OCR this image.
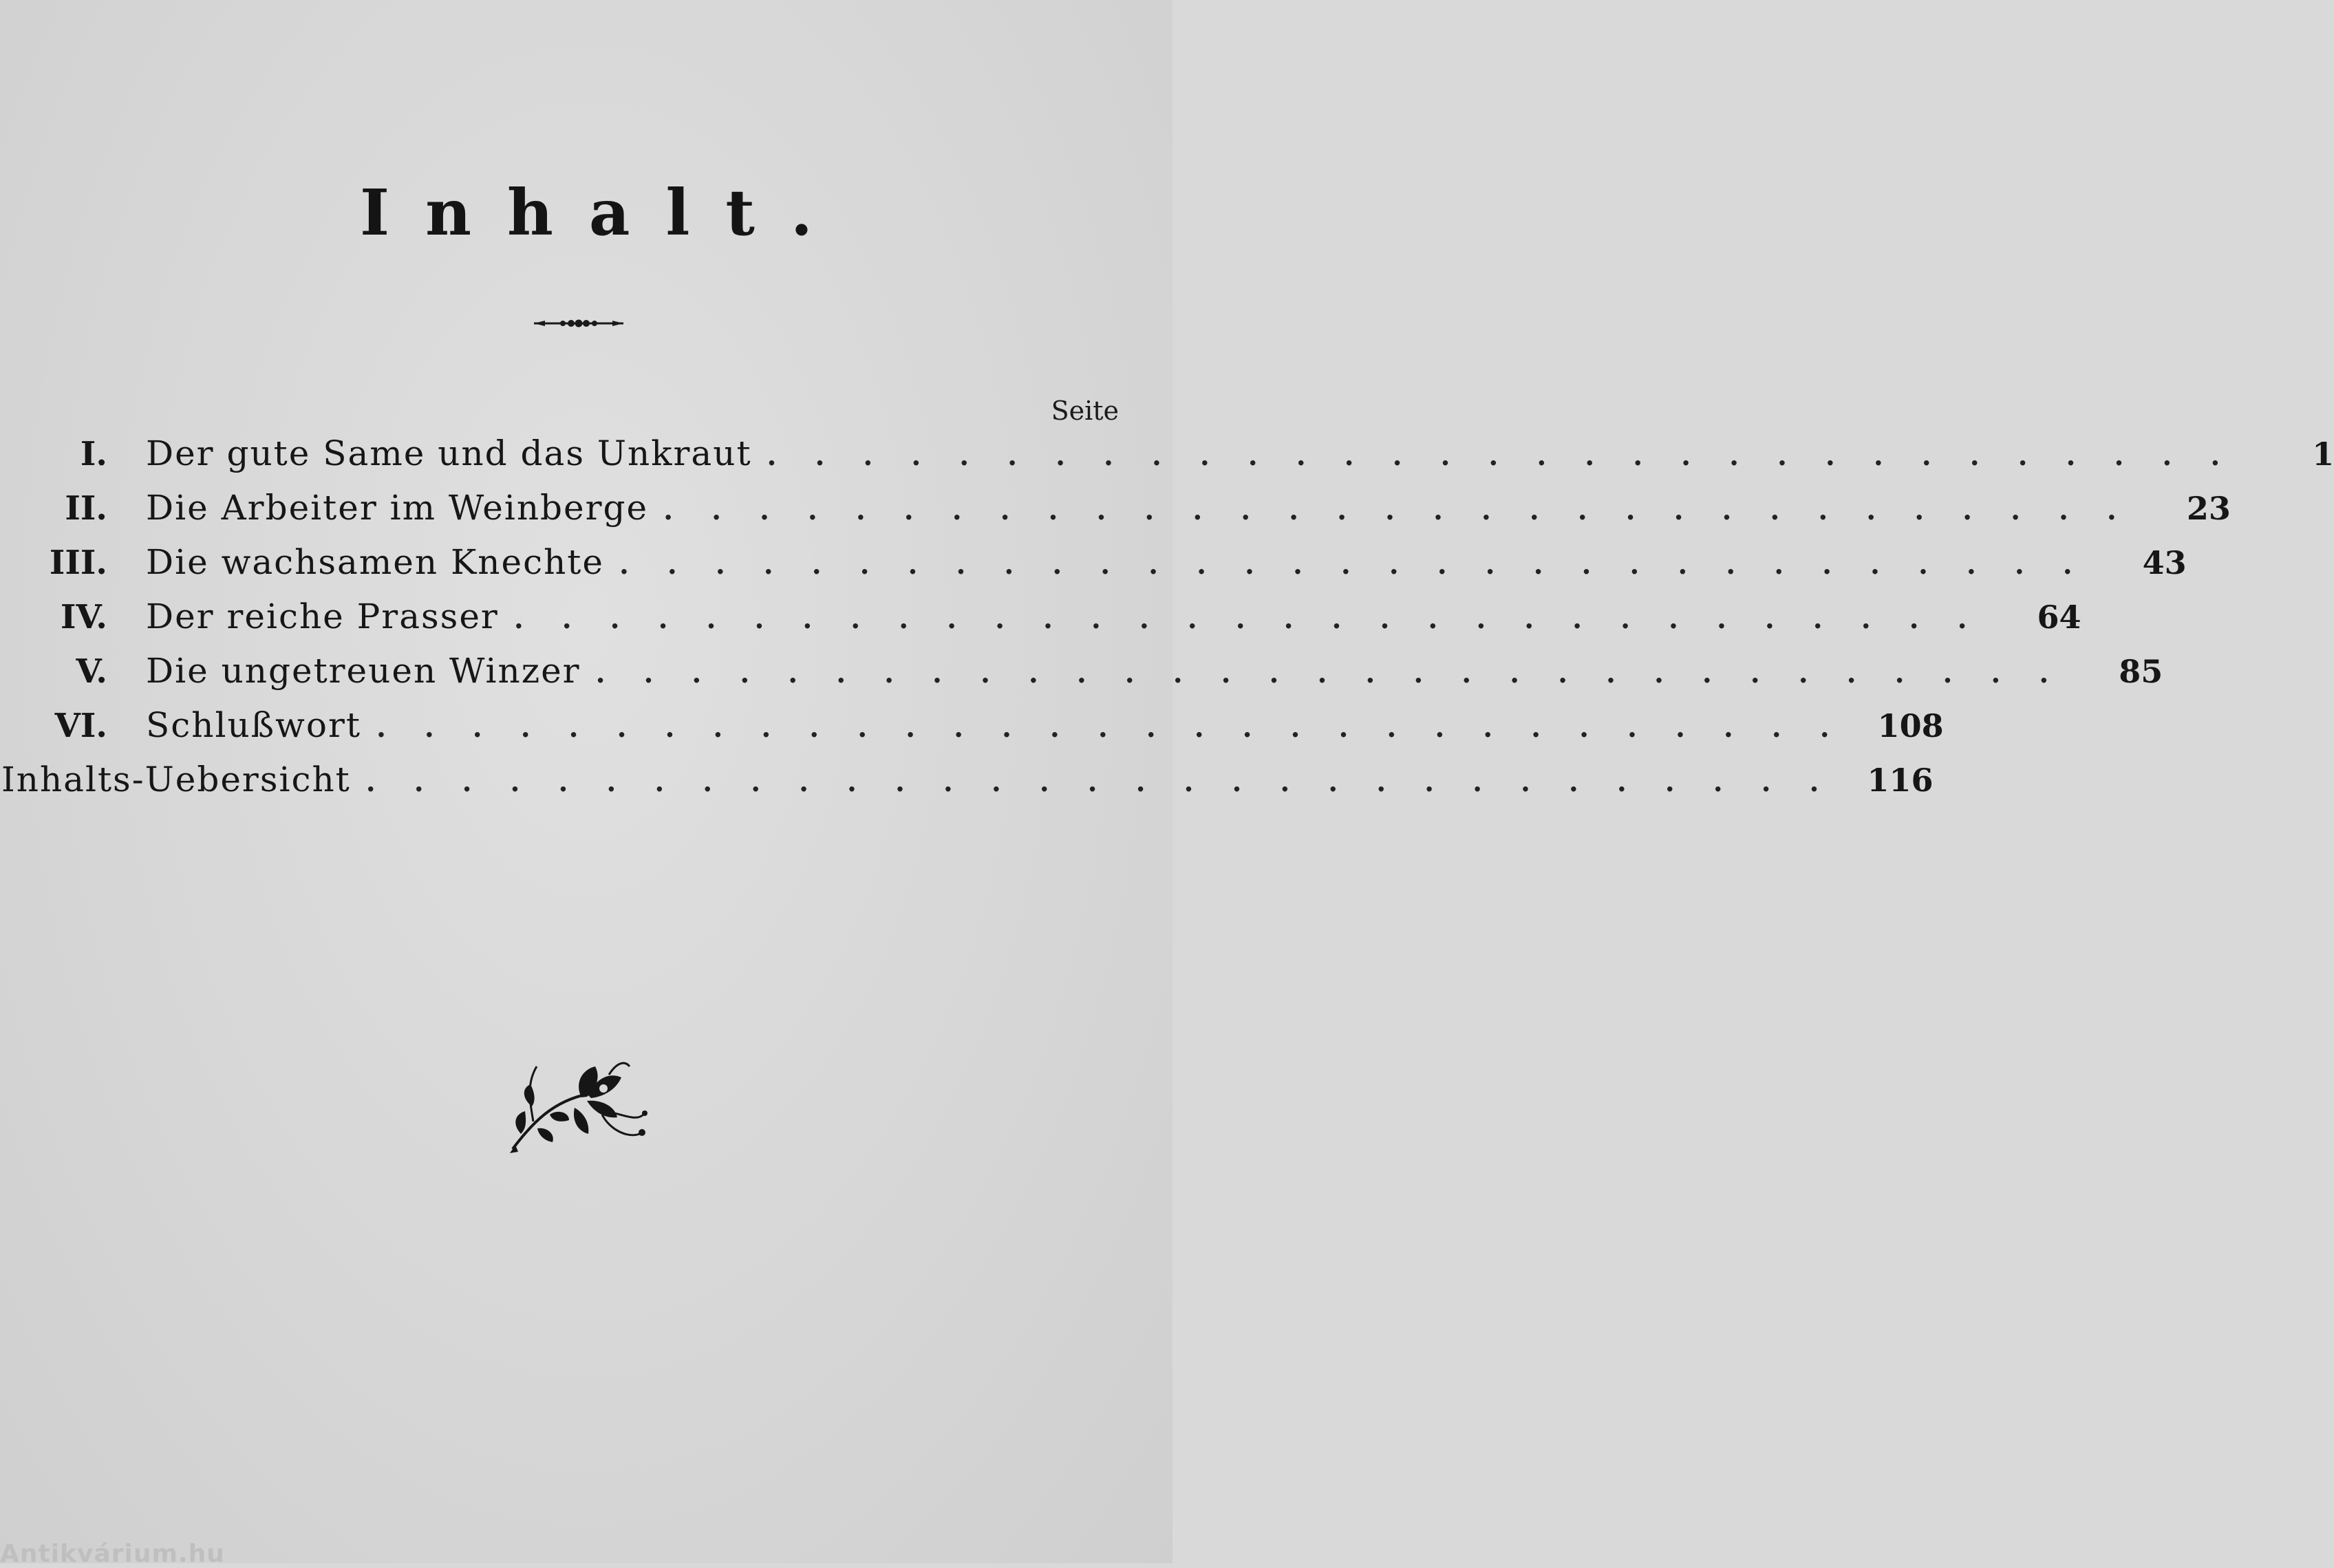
Inhalt.
Seite
I. Der gute Same und das Unkraut ...............................	1
II. Die Arbeiter im Weinberge ............................... 23
III. Die wachsamen Knechte ............................... 43
IV. Der reiche Prasser ............................... 64
V. Die ungetreuen Winzer ............................... 85
VI. Schlußwort ............................... 108
Inhalts-Uebersicht ............................... 116
Antikvárium.hu
